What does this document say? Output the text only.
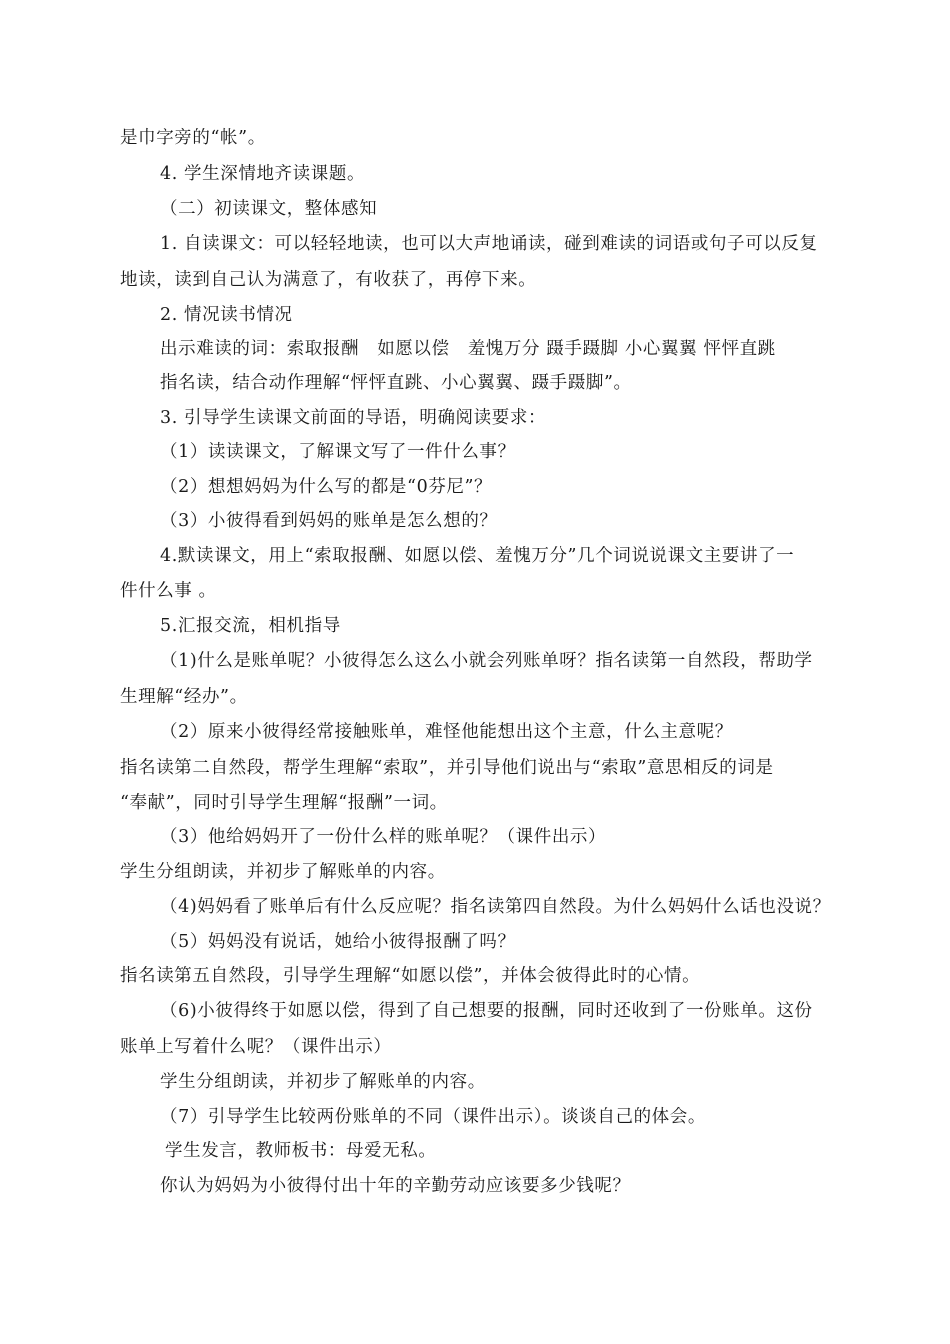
是巾字旁的“帐”。
4. 学生深情地齐读课题。
（二）初读课文，整体感知
1. 自读课文：可以轻轻地读，也可以大声地诵读，碰到难读的词语或句子可以反复
地读，读到自己认为满意了，有收获了，再停下来。
2. 情况读书情况
出示难读的词：索取报酬　如愿以偿　羞愧万分 蹑手蹑脚 小心翼翼 怦怦直跳
指名读，结合动作理解“怦怦直跳、小心翼翼、蹑手蹑脚”。
3. 引导学生读课文前面的导语，明确阅读要求：
（1）读读课文，了解课文写了一件什么事？
（2）想想妈妈为什么写的都是“0芬尼”？
（3）小彼得看到妈妈的账单是怎么想的？
4.默读课文，用上“索取报酬、如愿以偿、羞愧万分”几个词说说课文主要讲了一
件什么事 。
5.汇报交流，相机指导
（1)什么是账单呢？小彼得怎么这么小就会列账单呀？指名读第一自然段，帮助学
生理解“经办”。
（2）原来小彼得经常接触账单，难怪他能想出这个主意，什么主意呢？
指名读第二自然段，帮学生理解“索取”，并引导他们说出与“索取”意思相反的词是
“奉献”，同时引导学生理解“报酬”一词。
（3）他给妈妈开了一份什么样的账单呢？（课件出示）
学生分组朗读，并初步了解账单的内容。
（4)妈妈看了账单后有什么反应呢？指名读第四自然段。为什么妈妈什么话也没说？
（5）妈妈没有说话，她给小彼得报酬了吗？
指名读第五自然段，引导学生理解“如愿以偿”，并体会彼得此时的心情。
（6)小彼得终于如愿以偿，得到了自己想要的报酬，同时还收到了一份账单。这份
账单上写着什么呢？（课件出示）
学生分组朗读，并初步了解账单的内容。
（7）引导学生比较两份账单的不同（课件出示）。谈谈自己的体会。
学生发言，教师板书：母爱无私。
你认为妈妈为小彼得付出十年的辛勤劳动应该要多少钱呢？
